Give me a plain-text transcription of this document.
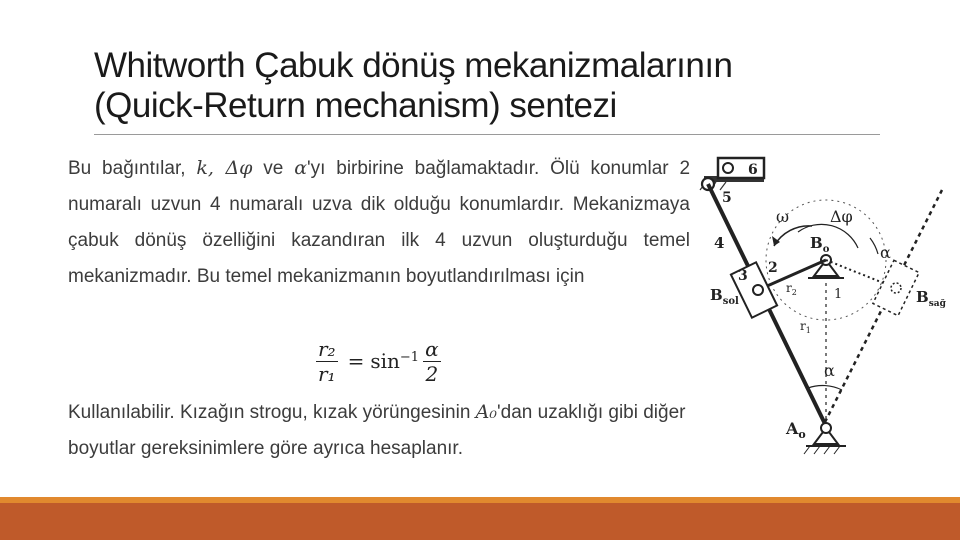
Whitworth Çabuk dönüş mekanizmalarının
(Quick-Return mechanism) sentezi

Bu bağıntılar, k, Δφ ve α'yı birbirine bağlamaktadır. Ölü konumlar 2 numaralı uzvun 4 numaralı uzva dik olduğu konumlardır. Mekanizmaya çabuk dönüş özelliğini kazandıran ilk 4 uzvun oluşturduğu temel mekanizmadır. Bu temel mekanizmanın boyutlandırılması için

$\frac{\text{r₂}}{\text{r₁}} = \sin^{-1} \frac{\alpha}{2}$
Kullanılabilir. Kızağın strogu, kızak yörüngesinin A₀'dan uzaklığı gibi diğer boyutlar gereksinimlere göre ayrıca hesaplanır.
6
5
4
ω	Δφ
$B_o$	α
2
3
$B_{sol}$	$B_{sağ}$
$r_2$	1
$r_1$
α
$A_o$
